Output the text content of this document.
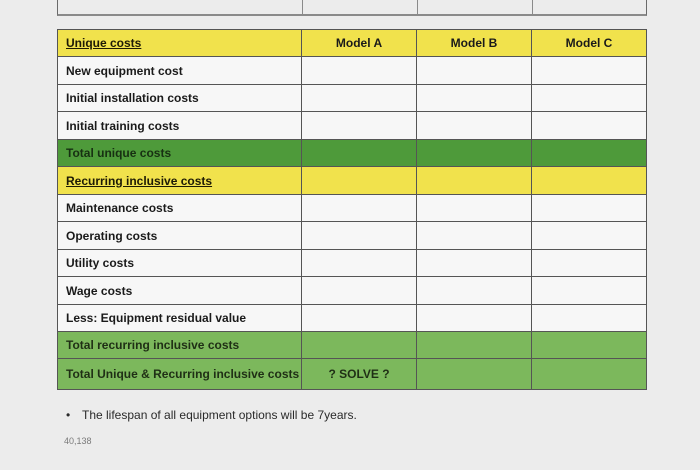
Unique costs	Model A	Model B	Model C
New equipment cost			
Initial installation costs			
Initial training costs			
Total unique costs			
Recurring inclusive costs			
Maintenance costs			
Operating costs			
Utility costs			
Wage costs			
Less: Equipment residual value			
Total recurring inclusive costs			
Total Unique & Recurring inclusive costs	? SOLVE ?		
• The lifespan of all equipment options will be 7years.
40,138
